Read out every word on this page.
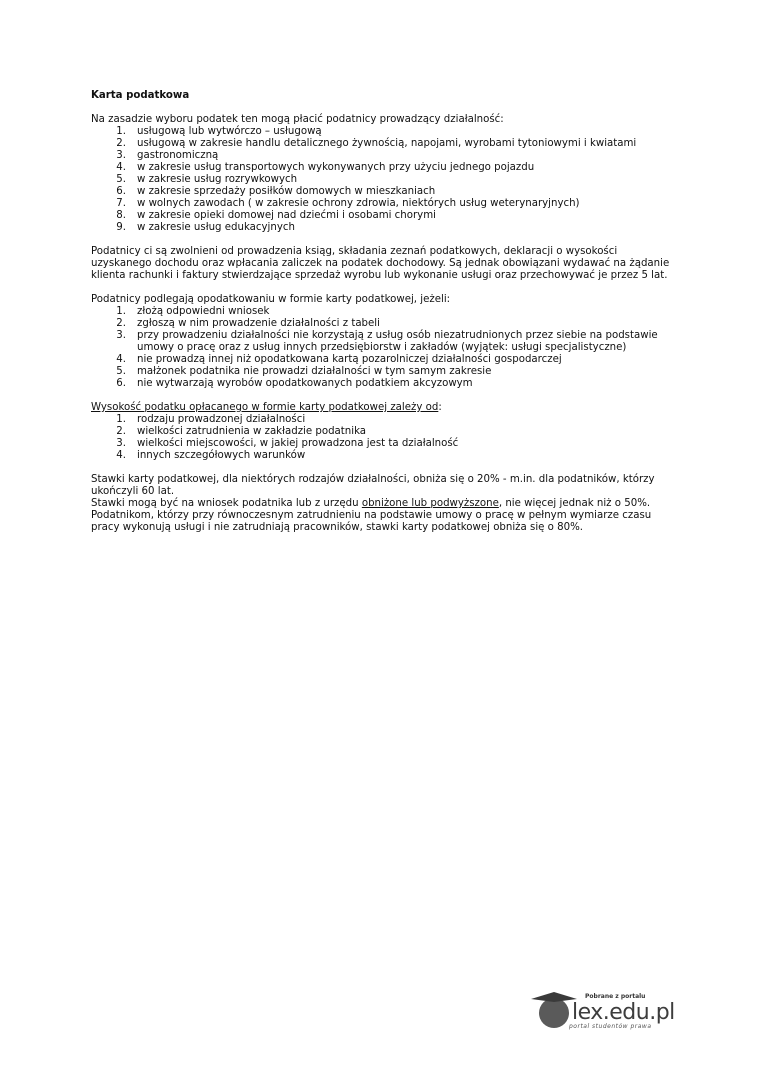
Karta podatkowa

Na zasadzie wyboru podatek ten mogą płacić podatnicy prowadzący działalność:

1. usługową lub wytwórczo – usługową
2. usługową w zakresie handlu detalicznego żywnością, napojami, wyrobami tytoniowymi i kwiatami
3. gastronomiczną
4. w zakresie usług transportowych wykonywanych przy użyciu jednego pojazdu
5. w zakresie usług rozrywkowych
6. w zakresie sprzedaży posiłków domowych w mieszkaniach
7. w wolnych zawodach ( w zakresie ochrony zdrowia, niektórych usług weterynaryjnych)
8. w zakresie opieki domowej nad dziećmi i osobami chorymi
9. w zakresie usług edukacyjnych

Podatnicy ci są zwolnieni od prowadzenia ksiąg, składania zeznań podatkowych, deklaracji o wysokości uzyskanego dochodu oraz wpłacania zaliczek na podatek dochodowy. Są jednak obowiązani wydawać na żądanie klienta rachunki i faktury stwierdzające sprzedaż wyrobu lub wykonanie usługi oraz przechowywać je przez 5 lat.

Podatnicy podlegają opodatkowaniu w formie karty podatkowej, jeżeli:

1. złożą odpowiedni wniosek
2. zgłoszą w nim prowadzenie działalności z tabeli
3. przy prowadzeniu działalności nie korzystają z usług osób niezatrudnionych przez siebie na podstawie umowy o pracę oraz z usług innych przedsiębiorstw i zakładów (wyjątek: usługi specjalistyczne)
4. nie prowadzą innej niż opodatkowana kartą pozarolniczej działalności gospodarczej
5. małżonek podatnika nie prowadzi działalności w tym samym zakresie
6. nie wytwarzają wyrobów opodatkowanych podatkiem akcyzowym

Wysokość podatku opłacanego w formie karty podatkowej zależy od:

1. rodzaju prowadzonej działalności
2. wielkości zatrudnienia w zakładzie podatnika
3. wielkości miejscowości, w jakiej prowadzona jest ta działalność
4. innych szczegółowych warunków

Stawki karty podatkowej, dla niektórych rodzajów działalności, obniża się o 20% - m.in. dla podatników, którzy ukończyli 60 lat.

Stawki mogą być na wniosek podatnika lub z urzędu obniżone lub podwyższone, nie więcej jednak niż o 50%.

Podatnikom, którzy przy równoczesnym zatrudnieniu na podstawie umowy o pracę w pełnym wymiarze czasu pracy wykonują usługi i nie zatrudniają pracowników, stawki karty podatkowej obniża się o 80%.

Pobrane z portalu
lex.edu.pl
portal studentów prawa
